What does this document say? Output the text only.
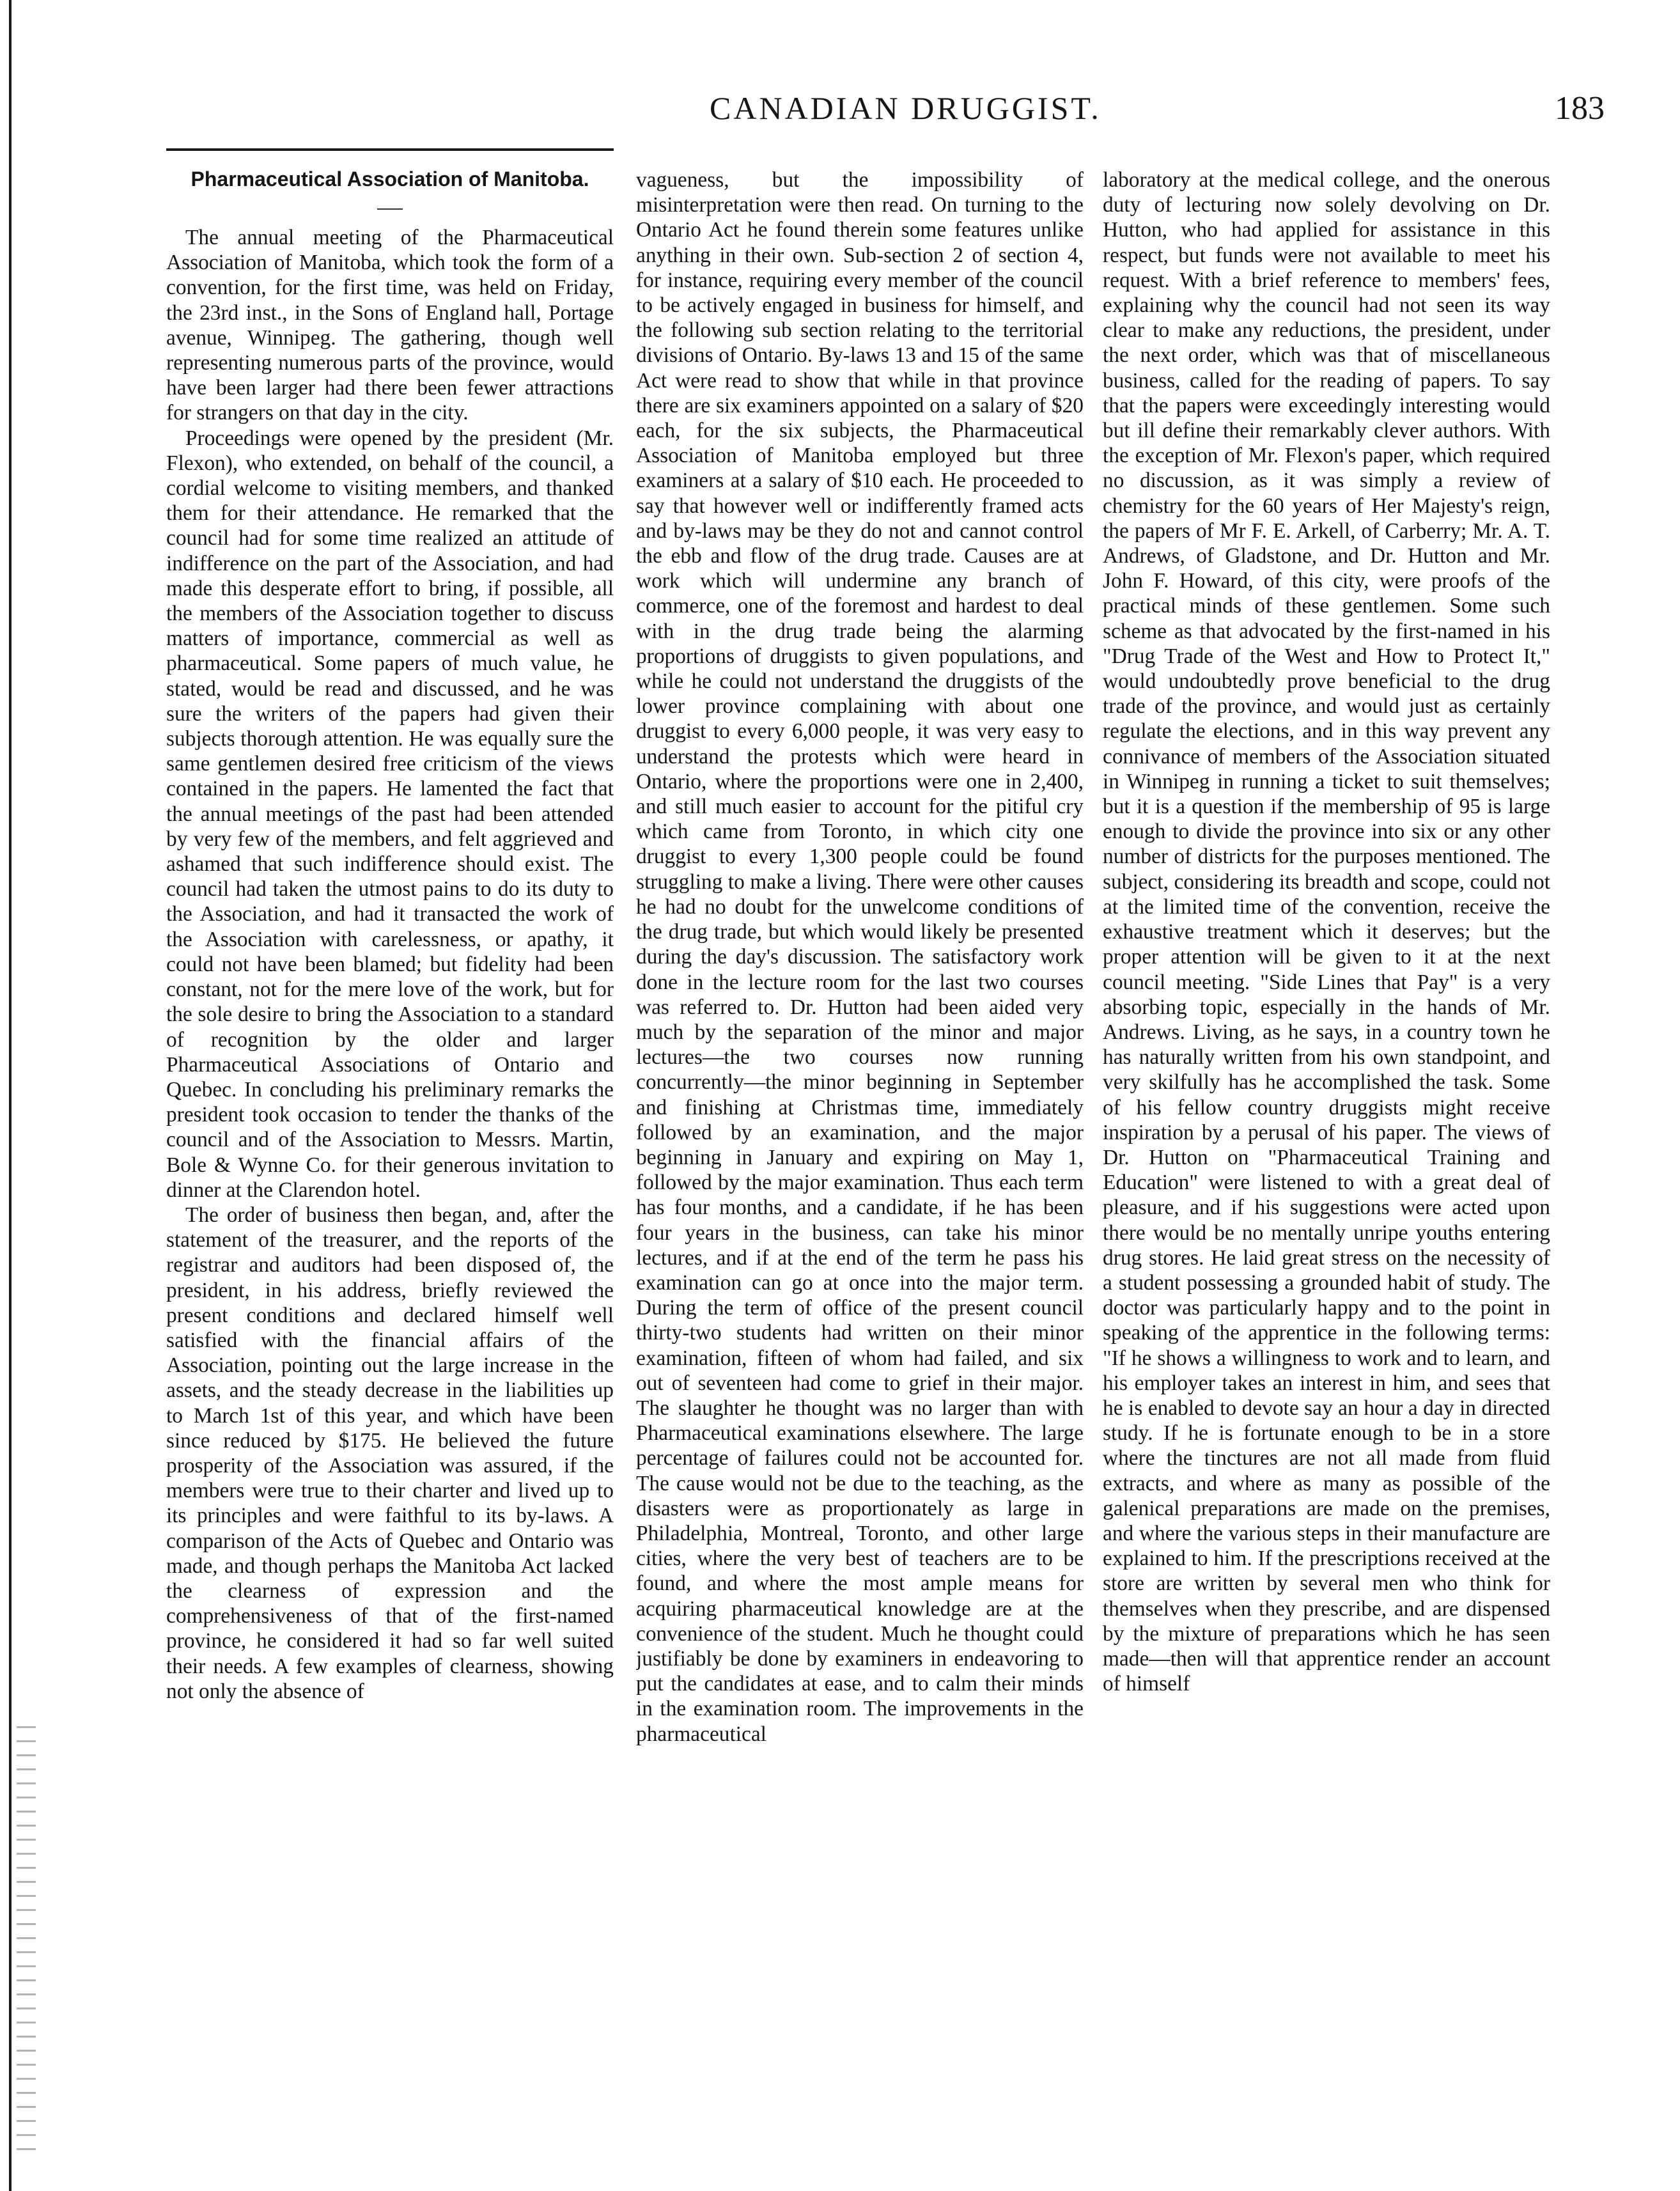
CANADIAN DRUGGIST.	183
Pharmaceutical Association of Manitoba.

The annual meeting of the Pharmaceutical Association of Manitoba, which took the form of a convention, for the first time, was held on Friday, the 23rd inst., in the Sons of England hall, Portage avenue, Winnipeg. The gathering, though well representing numerous parts of the province, would have been larger had there been fewer attractions for strangers on that day in the city.

Proceedings were opened by the president (Mr. Flexon), who extended, on behalf of the council, a cordial welcome to visiting members, and thanked them for their attendance. He remarked that the council had for some time realized an attitude of indifference on the part of the Association, and had made this desperate effort to bring, if possible, all the members of the Association together to discuss matters of importance, commercial as well as pharmaceutical. Some papers of much value, he stated, would be read and discussed, and he was sure the writers of the papers had given their subjects thorough attention. He was equally sure the same gentlemen desired free criticism of the views contained in the papers. He lamented the fact that the annual meetings of the past had been attended by very few of the members, and felt aggrieved and ashamed that such indifference should exist. The council had taken the utmost pains to do its duty to the Association, and had it transacted the work of the Association with carelessness, or apathy, it could not have been blamed; but fidelity had been constant, not for the mere love of the work, but for the sole desire to bring the Association to a standard of recognition by the older and larger Pharmaceutical Associations of Ontario and Quebec. In concluding his preliminary remarks the president took occasion to tender the thanks of the council and of the Association to Messrs. Martin, Bole & Wynne Co. for their generous invitation to dinner at the Clarendon hotel.

The order of business then began, and, after the statement of the treasurer, and the reports of the registrar and auditors had been disposed of, the president, in his address, briefly reviewed the present conditions and declared himself well satisfied with the financial affairs of the Association, pointing out the large increase in the assets, and the steady decrease in the liabilities up to March 1st of this year, and which have been since reduced by $175. He believed the future prosperity of the Association was assured, if the members were true to their charter and lived up to its principles and were faithful to its by-laws. A comparison of the Acts of Quebec and Ontario was made, and though perhaps the Manitoba Act lacked the clearness of expression and the comprehensiveness of that of the first-named province, he considered it had so far well suited their needs. A few examples of clearness, showing not only the absence of

vagueness, but the impossibility of misinterpretation were then read. On turning to the Ontario Act he found therein some features unlike anything in their own. Sub-section 2 of section 4, for instance, requiring every member of the council to be actively engaged in business for himself, and the following sub section relating to the territorial divisions of Ontario. By-laws 13 and 15 of the same Act were read to show that while in that province there are six examiners appointed on a salary of $20 each, for the six subjects, the Pharmaceutical Association of Manitoba employed but three examiners at a salary of $10 each. He proceeded to say that however well or indifferently framed acts and by-laws may be they do not and cannot control the ebb and flow of the drug trade. Causes are at work which will undermine any branch of commerce, one of the foremost and hardest to deal with in the drug trade being the alarming proportions of druggists to given populations, and while he could not understand the druggists of the lower province complaining with about one druggist to every 6,000 people, it was very easy to understand the protests which were heard in Ontario, where the proportions were one in 2,400, and still much easier to account for the pitiful cry which came from Toronto, in which city one druggist to every 1,300 people could be found struggling to make a living. There were other causes he had no doubt for the unwelcome conditions of the drug trade, but which would likely be presented during the day's discussion. The satisfactory work done in the lecture room for the last two courses was referred to. Dr. Hutton had been aided very much by the separation of the minor and major lectures—the two courses now running concurrently—the minor beginning in September and finishing at Christmas time, immediately followed by an examination, and the major beginning in January and expiring on May 1, followed by the major examination. Thus each term has four months, and a candidate, if he has been four years in the business, can take his minor lectures, and if at the end of the term he pass his examination can go at once into the major term. During the term of office of the present council thirty-two students had written on their minor examination, fifteen of whom had failed, and six out of seventeen had come to grief in their major. The slaughter he thought was no larger than with Pharmaceutical examinations elsewhere. The large percentage of failures could not be accounted for. The cause would not be due to the teaching, as the disasters were as proportionately as large in Philadelphia, Montreal, Toronto, and other large cities, where the very best of teachers are to be found, and where the most ample means for acquiring pharmaceutical knowledge are at the convenience of the student. Much he thought could justifiably be done by examiners in endeavoring to put the candidates at ease, and to calm their minds in the examination room. The improvements in the pharmaceutical

laboratory at the medical college, and the onerous duty of lecturing now solely devolving on Dr. Hutton, who had applied for assistance in this respect, but funds were not available to meet his request. With a brief reference to members' fees, explaining why the council had not seen its way clear to make any reductions, the president, under the next order, which was that of miscellaneous business, called for the reading of papers. To say that the papers were exceedingly interesting would but ill define their remarkably clever authors. With the exception of Mr. Flexon's paper, which required no discussion, as it was simply a review of chemistry for the 60 years of Her Majesty's reign, the papers of Mr F. E. Arkell, of Carberry; Mr. A. T. Andrews, of Gladstone, and Dr. Hutton and Mr. John F. Howard, of this city, were proofs of the practical minds of these gentlemen. Some such scheme as that advocated by the first-named in his "Drug Trade of the West and How to Protect It," would undoubtedly prove beneficial to the drug trade of the province, and would just as certainly regulate the elections, and in this way prevent any connivance of members of the Association situated in Winnipeg in running a ticket to suit themselves; but it is a question if the membership of 95 is large enough to divide the province into six or any other number of districts for the purposes mentioned. The subject, considering its breadth and scope, could not at the limited time of the convention, receive the exhaustive treatment which it deserves; but the proper attention will be given to it at the next council meeting. "Side Lines that Pay" is a very absorbing topic, especially in the hands of Mr. Andrews. Living, as he says, in a country town he has naturally written from his own standpoint, and very skilfully has he accomplished the task. Some of his fellow country druggists might receive inspiration by a perusal of his paper. The views of Dr. Hutton on "Pharmaceutical Training and Education" were listened to with a great deal of pleasure, and if his suggestions were acted upon there would be no mentally unripe youths entering drug stores. He laid great stress on the necessity of a student possessing a grounded habit of study. The doctor was particularly happy and to the point in speaking of the apprentice in the following terms: "If he shows a willingness to work and to learn, and his employer takes an interest in him, and sees that he is enabled to devote say an hour a day in directed study. If he is fortunate enough to be in a store where the tinctures are not all made from fluid extracts, and where as many as possible of the galenical preparations are made on the premises, and where the various steps in their manufacture are explained to him. If the prescriptions received at the store are written by several men who think for themselves when they prescribe, and are dispensed by the mixture of preparations which he has seen made—then will that apprentice render an account of himself
